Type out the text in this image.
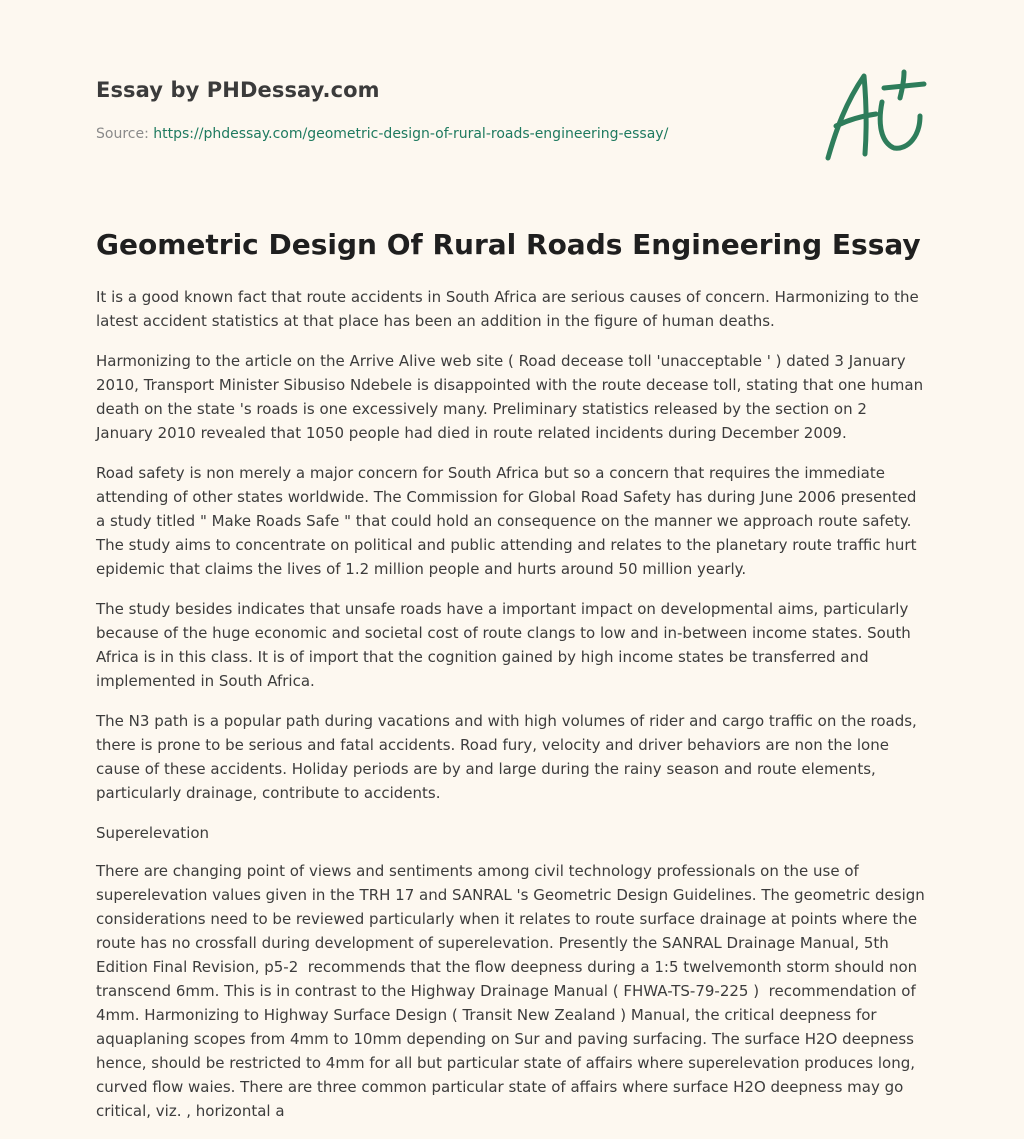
Essay by PHDessay.com
Source: https://phdessay.com/geometric-design-of-rural-roads-engineering-essay/
Geometric Design Of Rural Roads Engineering Essay

It is a good known fact that route accidents in South Africa are serious causes of concern. Harmonizing to the latest accident statistics at that place has been an addition in the figure of human deaths.

Harmonizing to the article on the Arrive Alive web site ( Road decease toll 'unacceptable ' ) dated 3 January 2010, Transport Minister Sibusiso Ndebele is disappointed with the route decease toll, stating that one human death on the state 's roads is one excessively many. Preliminary statistics released by the section on 2 January 2010 revealed that 1050 people had died in route related incidents during December 2009.

Road safety is non merely a major concern for South Africa but so a concern that requires the immediate attending of other states worldwide. The Commission for Global Road Safety has during June 2006 presented a study titled " Make Roads Safe " that could hold an consequence on the manner we approach route safety. The study aims to concentrate on political and public attending and relates to the planetary route traffic hurt epidemic that claims the lives of 1.2 million people and hurts around 50 million yearly.

The study besides indicates that unsafe roads have a important impact on developmental aims, particularly because of the huge economic and societal cost of route clangs to low and in-between income states. South Africa is in this class. It is of import that the cognition gained by high income states be transferred and implemented in South Africa.

The N3 path is a popular path during vacations and with high volumes of rider and cargo traffic on the roads, there is prone to be serious and fatal accidents. Road fury, velocity and driver behaviors are non the lone cause of these accidents. Holiday periods are by and large during the rainy season and route elements, particularly drainage, contribute to accidents.

Superelevation

There are changing point of views and sentiments among civil technology professionals on the use of superelevation values given in the TRH 17 and SANRAL 's Geometric Design Guidelines. The geometric design considerations need to be reviewed particularly when it relates to route surface drainage at points where the route has no crossfall during development of superelevation. Presently the SANRAL Drainage Manual, 5th Edition Final Revision, p5-2  recommends that the flow deepness during a 1:5 twelvemonth storm should non transcend 6mm. This is in contrast to the Highway Drainage Manual ( FHWA-TS-79-225 )  recommendation of 4mm. Harmonizing to Highway Surface Design ( Transit New Zealand ) Manual, the critical deepness for aquaplaning scopes from 4mm to 10mm depending on Sur and paving surfacing. The surface H2O deepness hence, should be restricted to 4mm for all but particular state of affairs where superelevation produces long, curved flow waies. There are three common particular state of affairs where surface H2O deepness may go critical, viz. , horizontal a
